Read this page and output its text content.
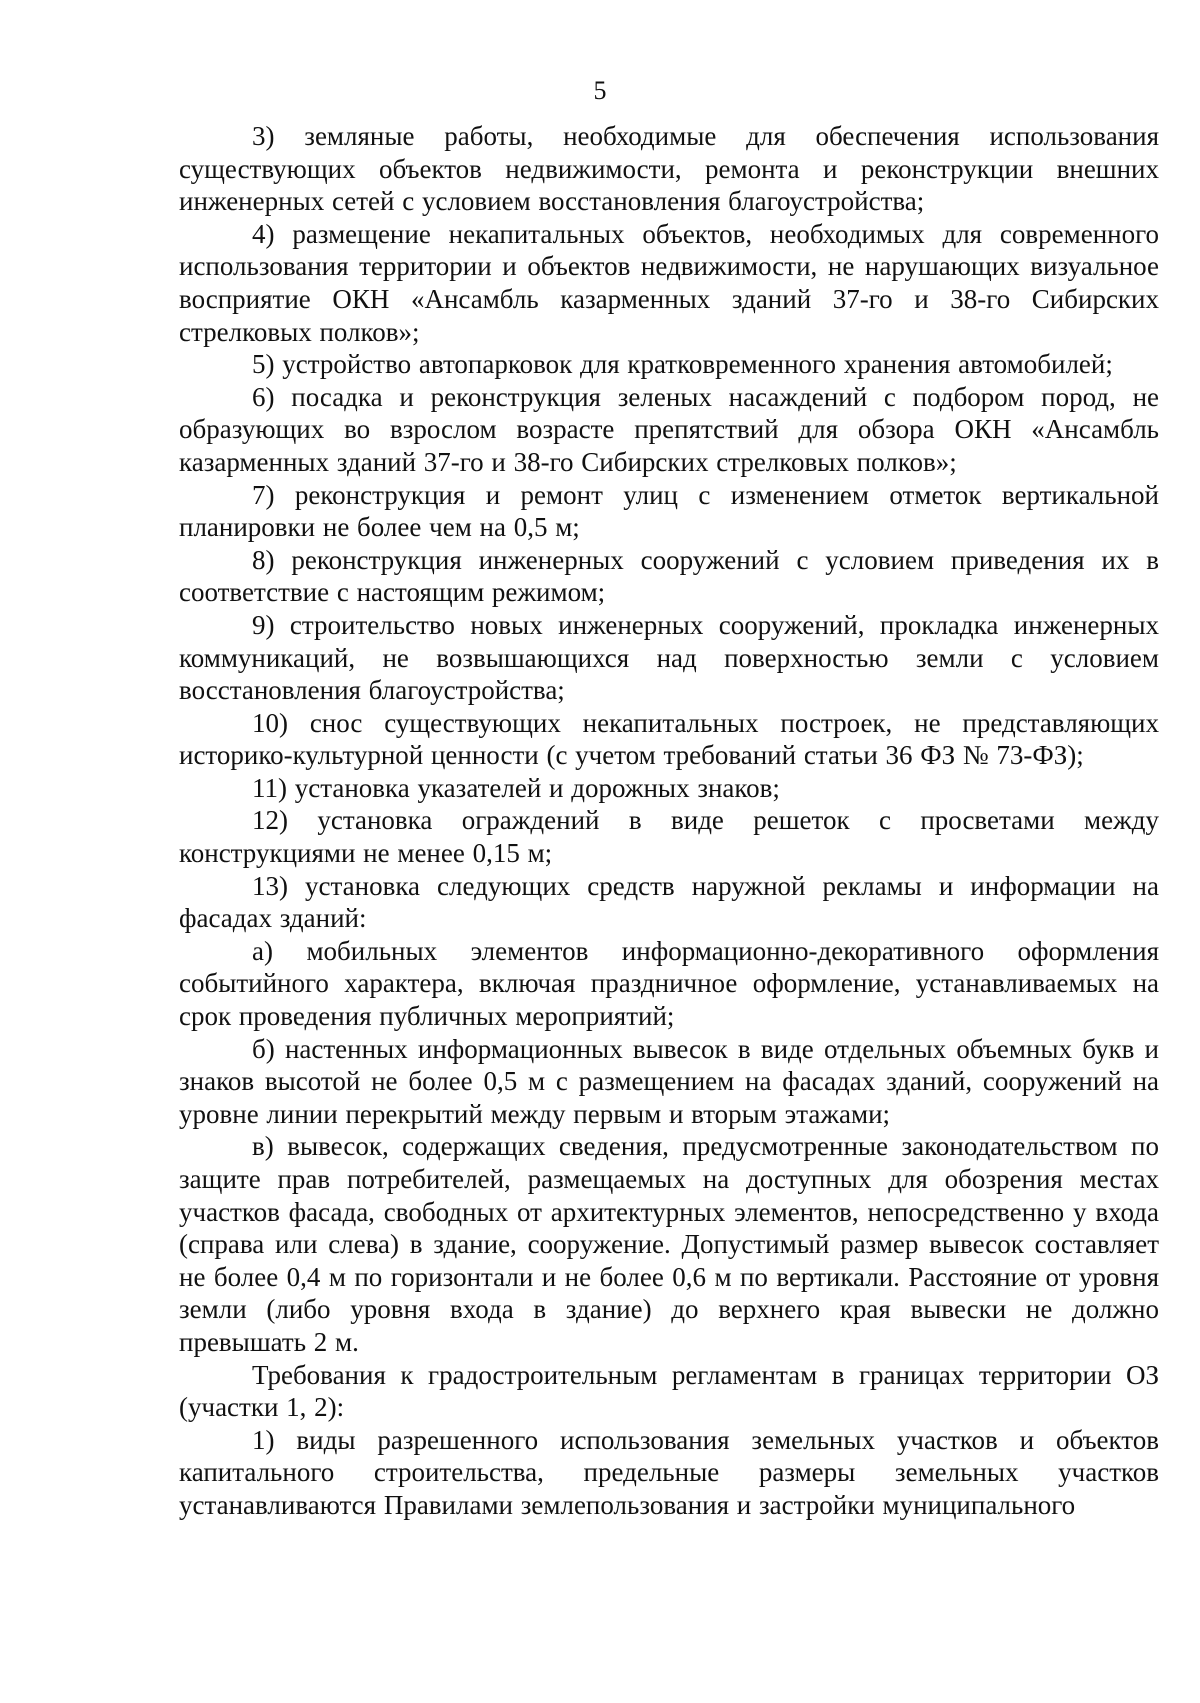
5

3) земляные работы, необходимые для обеспечения использования существующих объектов недвижимости, ремонта и реконструкции внешних инженерных сетей с условием восстановления благоустройства;

4) размещение некапитальных объектов, необходимых для современного использования территории и объектов недвижимости, не нарушающих визуальное восприятие ОКН «Ансамбль казарменных зданий 37-го и 38-го Сибирских стрелковых полков»;

5) устройство автопарковок для кратковременного хранения автомобилей;

6) посадка и реконструкция зеленых насаждений с подбором пород, не образующих во взрослом возрасте препятствий для обзора ОКН «Ансамбль казарменных зданий 37-го и 38-го Сибирских стрелковых полков»;

7) реконструкция и ремонт улиц с изменением отметок вертикальной планировки не более чем на 0,5 м;

8) реконструкция инженерных сооружений с условием приведения их в соответствие с настоящим режимом;

9) строительство новых инженерных сооружений, прокладка инженерных коммуникаций, не возвышающихся над поверхностью земли с условием восстановления благоустройства;

10) снос существующих некапитальных построек, не представляющих историко-культурной ценности (с учетом требований статьи 36 ФЗ № 73-ФЗ);

11) установка указателей и дорожных знаков;

12) установка ограждений в виде решеток с просветами между конструкциями не менее 0,15 м;

13) установка следующих средств наружной рекламы и информации на фасадах зданий:

а) мобильных элементов информационно-декоративного оформления событийного характера, включая праздничное оформление, устанавливаемых на срок проведения публичных мероприятий;

б) настенных информационных вывесок в виде отдельных объемных букв и знаков высотой не более 0,5 м с размещением на фасадах зданий, сооружений на уровне линии перекрытий между первым и вторым этажами;

в) вывесок, содержащих сведения, предусмотренные законодательством по защите прав потребителей, размещаемых на доступных для обозрения местах участков фасада, свободных от архитектурных элементов, непосредственно у входа (справа или слева) в здание, сооружение. Допустимый размер вывесок составляет не более 0,4 м по горизонтали и не более 0,6 м по вертикали. Расстояние от уровня земли (либо уровня входа в здание) до верхнего края вывески не должно превышать 2 м.

Требования к градостроительным регламентам в границах территории ОЗ (участки 1, 2):

1) виды разрешенного использования земельных участков и объектов капитального строительства, предельные размеры земельных участков устанавливаются Правилами землепользования и застройки муниципального
